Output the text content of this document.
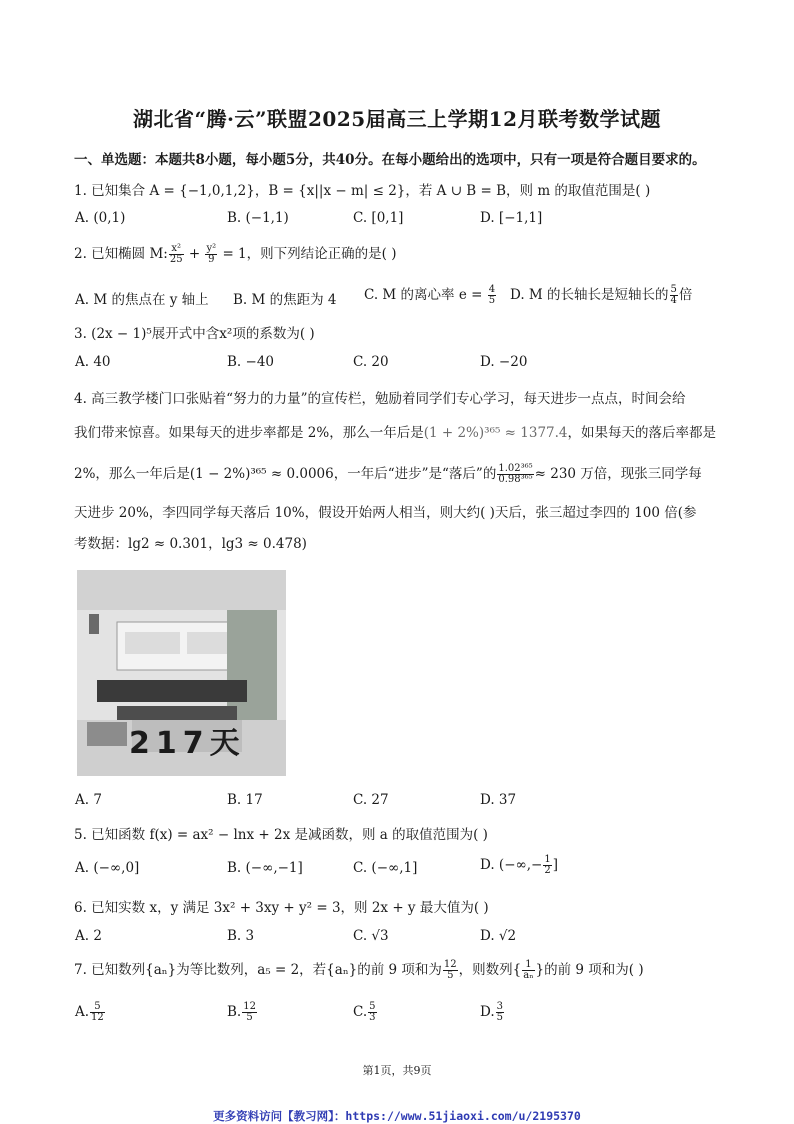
湖北省“腾·云”联盟2025届高三上学期12月联考数学试题
一、单选题：本题共8小题，每小题5分，共40分。在每小题给出的选项中，只有一项是符合题目要求的。
1. 已知集合 A = {−1,0,1,2}，B = {x||x − m| ≤ 2}，若 A ∪ B = B，则 m 的取值范围是( )
A. (0,1)	B. (−1,1)	C. [0,1]	D. [−1,1]
2. 已知椭圆 M: $\frac{\text{x²}}{25} + \frac{\text{y²}}{9} = 1$，则下列结论正确的是( )
A. M 的焦点在 y 轴上 B. M 的焦距为 4 C. M 的离心率 $e = \frac{4}{5} D$. M 的长轴长是短轴长的 $\frac{5}{4}$ 倍
3. (2x − 1)⁵展开式中含x²项的系数为( )
A. 40	B. −40	C. 20	D. −20
4. 高三教学楼门口张贴着“努力的力量”的宣传栏，勉励着同学们专心学习，每天进步一点点，时间会给
我们带来惊喜。如果每天的进步率都是 2%，那么一年后是(1 + 2%)³⁶⁵ ≈ 1377.4，如果每天的落后率都是
2%，那么一年后是(1 − 2%)³⁶⁵ ≈ 0.0006，一年后“进步”是“落后”的 $\frac{\text{1.02³⁶⁵}}{\text{0.98³⁶⁵}} \approx 230$ 万倍，现张三同学每
天进步 20%，李四同学每天落后 10%，假设开始两人相当，则大约( )天后，张三超过李四的 100 倍(参
考数据：lg2 ≈ 0.301，lg3 ≈ 0.478)
217天
A. 7	B. 17	C. 27	D. 37
5. 已知函数 f(x) = ax² − lnx + 2x 是减函数，则 a 的取值范围为( )
A. (−∞,0]	B. (−∞,−1]	C. (−∞,1]	D. (−∞,− $\frac{1}{2}$ ]
6. 已知实数 x，y 满足 3x² + 3xy + y² = 3，则 2x + y 最大值为( )
A. 2	B. 3	C. √3	D. √2
7. 已知数列{aₙ}为等比数列，a₅ = 2，若{aₙ}的前 9 项和为 $\frac{12}{5}$ ，则数列{ $\frac{1}{\text{aₙ}}$ }的前 9 项和为( )
A. $\frac{5}{12}$	B. $\frac{12}{5}$	C. $\frac{5}{3}$	D. $\frac{3}{5}$
第1页，共9页
更多资料访问【教习网】：https://www.51jiaoxi.com/u/2195370
